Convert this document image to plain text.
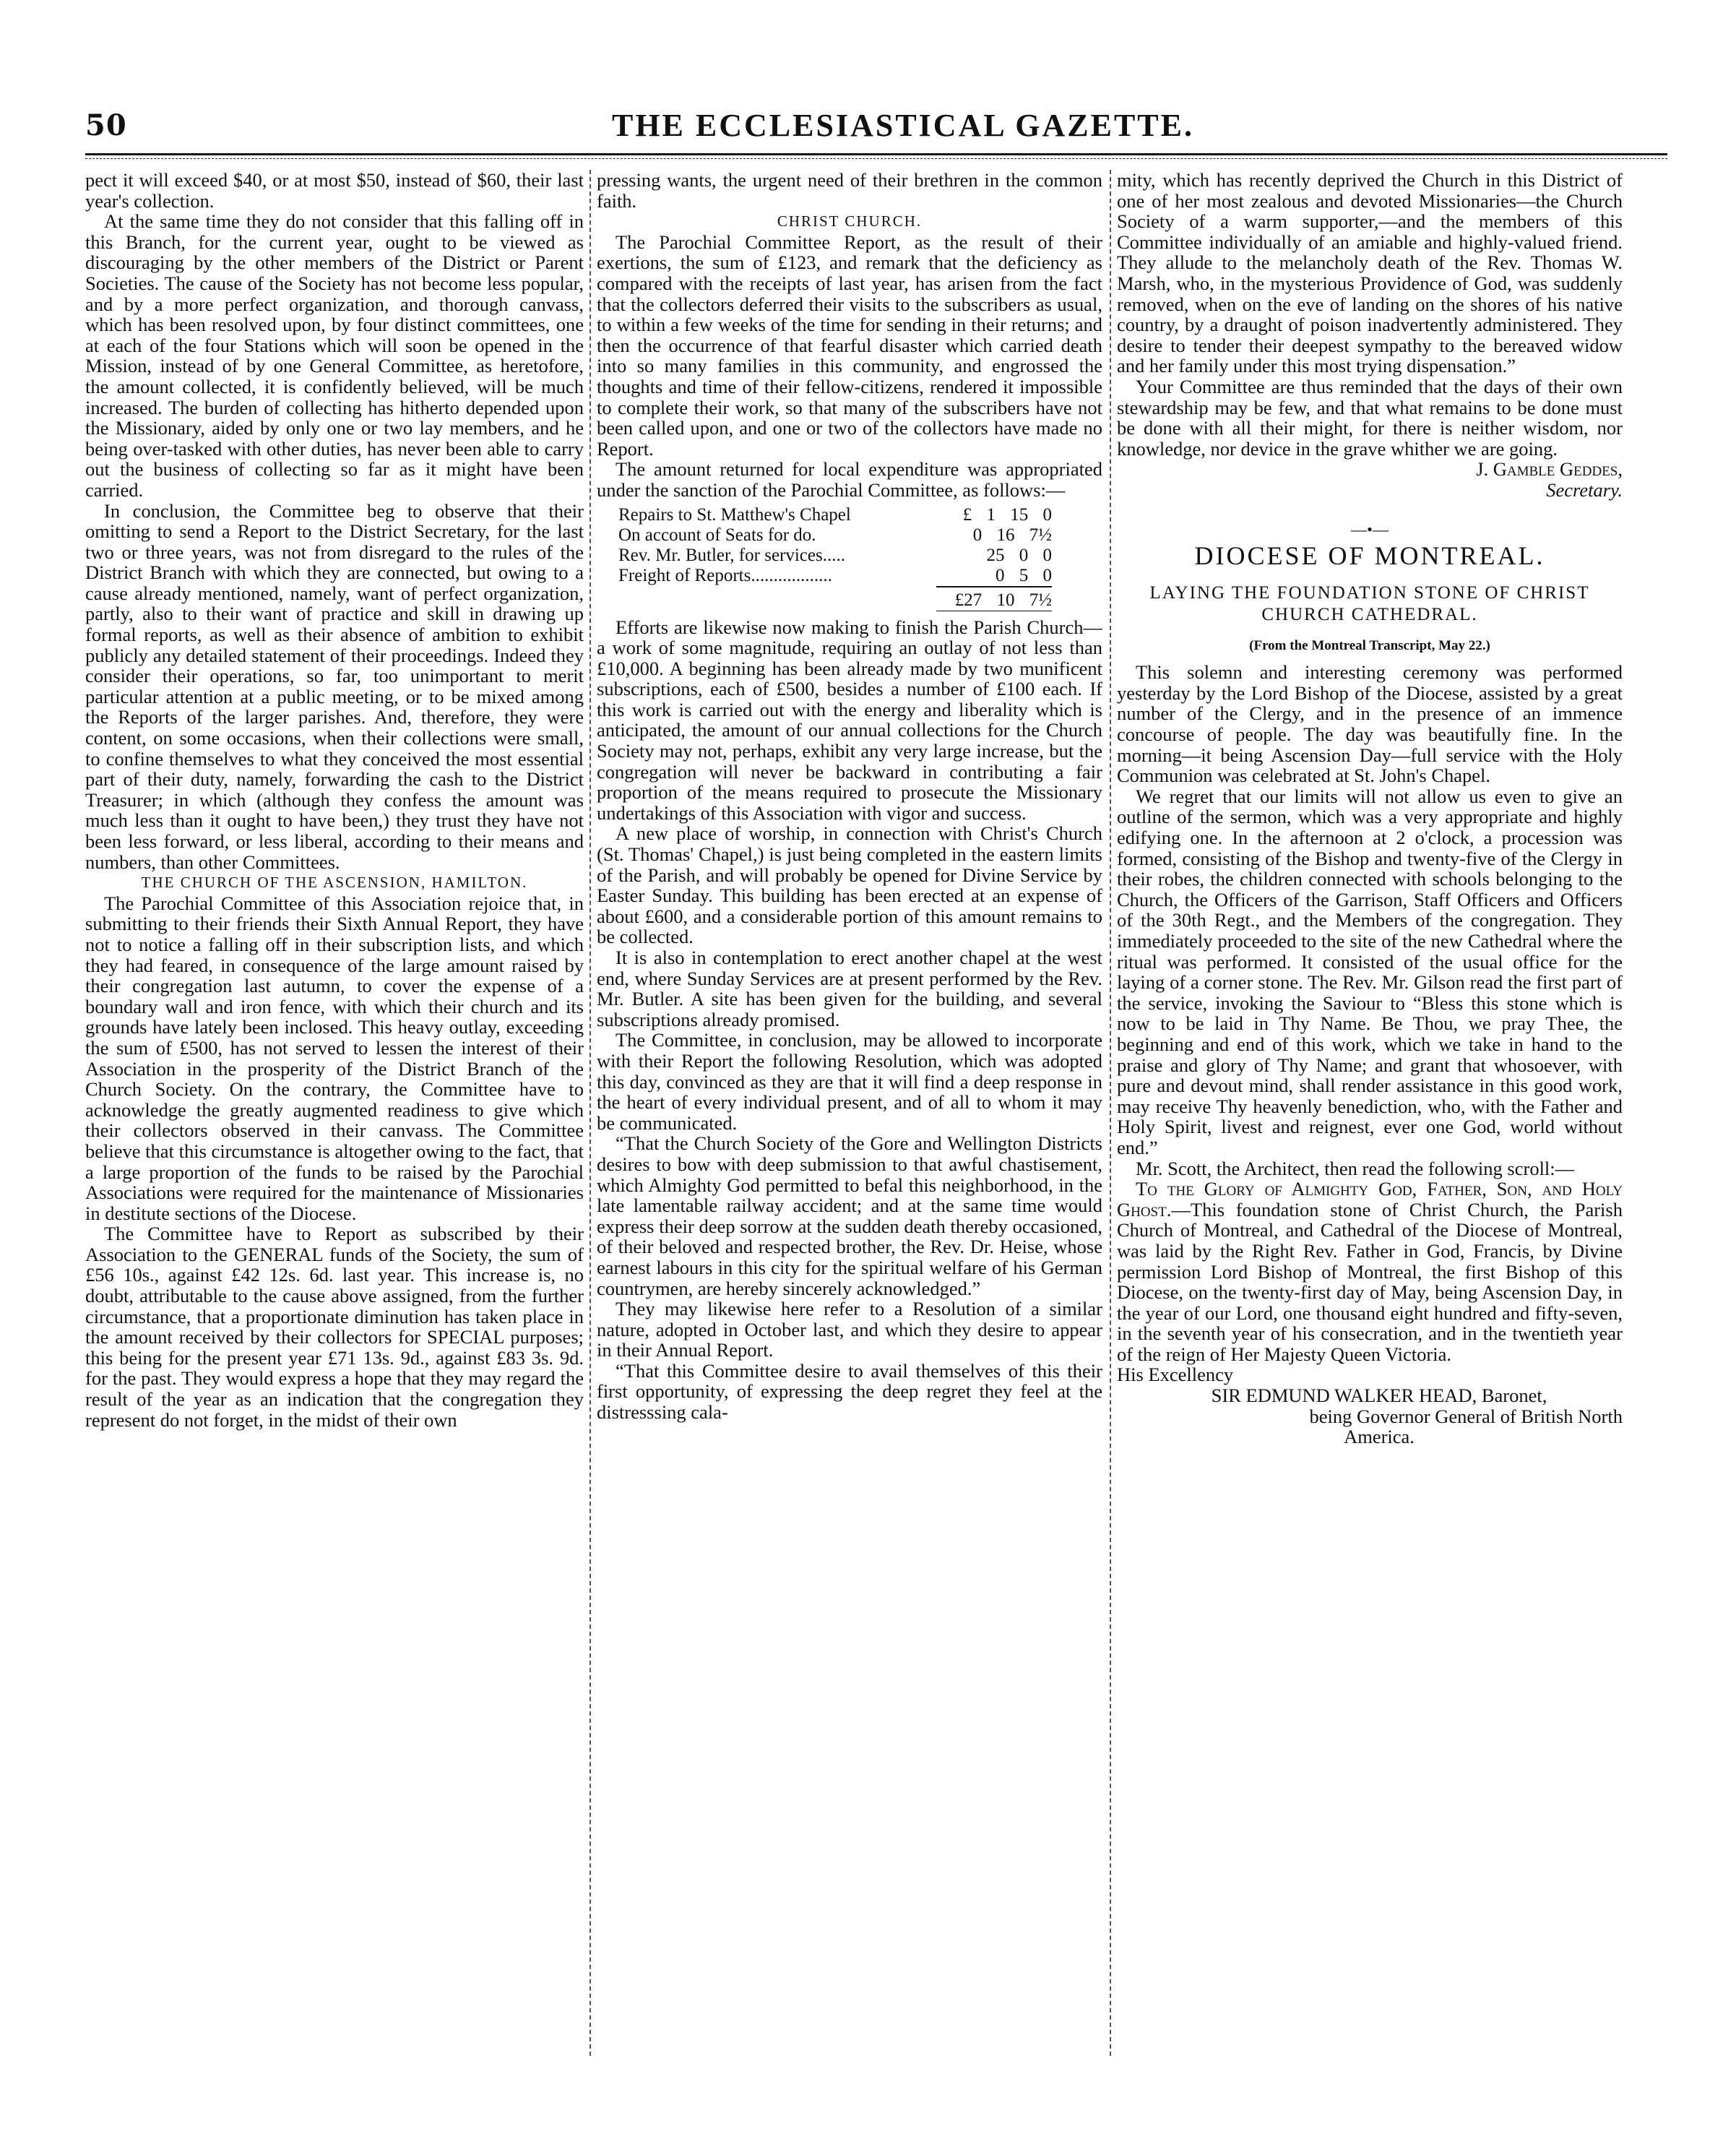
50	THE ECCLESIASTICAL GAZETTE.

pect it will exceed $40, or at most $50, instead of $60, their last year's collection.

At the same time they do not consider that this falling off in this Branch, for the current year, ought to be viewed as discouraging by the other members of the District or Parent Societies. The cause of the Society has not become less popular, and by a more perfect organization, and thorough canvass, which has been resolved upon, by four distinct committees, one at each of the four Stations which will soon be opened in the Mission, instead of by one General Committee, as heretofore, the amount collected, it is confidently believed, will be much increased. The burden of collecting has hitherto depended upon the Missionary, aided by only one or two lay members, and he being over-tasked with other duties, has never been able to carry out the business of collecting so far as it might have been carried.

In conclusion, the Committee beg to observe that their omitting to send a Report to the District Secretary, for the last two or three years, was not from disregard to the rules of the District Branch with which they are connected, but owing to a cause already mentioned, namely, want of perfect organization, partly, also to their want of practice and skill in drawing up formal reports, as well as their absence of ambition to exhibit publicly any detailed statement of their proceedings. Indeed they consider their operations, so far, too unimportant to merit particular attention at a public meeting, or to be mixed among the Reports of the larger parishes. And, therefore, they were content, on some occasions, when their collections were small, to confine themselves to what they conceived the most essential part of their duty, namely, forwarding the cash to the District Treasurer; in which (although they confess the amount was much less than it ought to have been,) they trust they have not been less forward, or less liberal, according to their means and numbers, than other Committees.

THE CHURCH OF THE ASCENSION, HAMILTON.

The Parochial Committee of this Association rejoice that, in submitting to their friends their Sixth Annual Report, they have not to notice a falling off in their subscription lists, and which they had feared, in consequence of the large amount raised by their congregation last autumn, to cover the expense of a boundary wall and iron fence, with which their church and its grounds have lately been inclosed. This heavy outlay, exceeding the sum of £500, has not served to lessen the interest of their Association in the prosperity of the District Branch of the Church Society. On the contrary, the Committee have to acknowledge the greatly augmented readiness to give which their collectors observed in their canvass. The Committee believe that this circumstance is altogether owing to the fact, that a large proportion of the funds to be raised by the Parochial Associations were required for the maintenance of Missionaries in destitute sections of the Diocese.

The Committee have to Report as subscribed by their Association to the GENERAL funds of the Society, the sum of £56 10s., against £42 12s. 6d. last year. This increase is, no doubt, attributable to the cause above assigned, from the further circumstance, that a proportionate diminution has taken place in the amount received by their collectors for SPECIAL purposes; this being for the present year £71 13s. 9d., against £83 3s. 9d. for the past. They would express a hope that they may regard the result of the year as an indication that the congregation they represent do not forget, in the midst of their own

pressing wants, the urgent need of their brethren in the common faith.

CHRIST CHURCH.

The Parochial Committee Report, as the result of their exertions, the sum of £123, and remark that the deficiency as compared with the receipts of last year, has arisen from the fact that the collectors deferred their visits to the subscribers as usual, to within a few weeks of the time for sending in their returns; and then the occurrence of that fearful disaster which carried death into so many families in this community, and engrossed the thoughts and time of their fellow-citizens, rendered it impossible to complete their work, so that many of the subscribers have not been called upon, and one or two of the collectors have made no Report.

The amount returned for local expenditure was appropriated under the sanction of the Parochial Committee, as follows:—

Repairs to St. Matthew's Chapel	£ 1 15 0
On account of Seats for do.	0 16 7½
Rev. Mr. Butler, for services.....	25 0 0
Freight of Reports..................	0 5 0
£27 10 7½

Efforts are likewise now making to finish the Parish Church—a work of some magnitude, requiring an outlay of not less than £10,000. A beginning has been already made by two munificent subscriptions, each of £500, besides a number of £100 each. If this work is carried out with the energy and liberality which is anticipated, the amount of our annual collections for the Church Society may not, perhaps, exhibit any very large increase, but the congregation will never be backward in contributing a fair proportion of the means required to prosecute the Missionary undertakings of this Association with vigor and success.

A new place of worship, in connection with Christ's Church (St. Thomas' Chapel,) is just being completed in the eastern limits of the Parish, and will probably be opened for Divine Service by Easter Sunday. This building has been erected at an expense of about £600, and a considerable portion of this amount remains to be collected.

It is also in contemplation to erect another chapel at the west end, where Sunday Services are at present performed by the Rev. Mr. Butler. A site has been given for the building, and several subscriptions already promised.

The Committee, in conclusion, may be allowed to incorporate with their Report the following Resolution, which was adopted this day, convinced as they are that it will find a deep response in the heart of every individual present, and of all to whom it may be communicated.

“That the Church Society of the Gore and Wellington Districts desires to bow with deep submission to that awful chastisement, which Almighty God permitted to befal this neighborhood, in the late lamentable railway accident; and at the same time would express their deep sorrow at the sudden death thereby occasioned, of their beloved and respected brother, the Rev. Dr. Heise, whose earnest labours in this city for the spiritual welfare of his German countrymen, are hereby sincerely acknowledged.”

They may likewise here refer to a Resolution of a similar nature, adopted in October last, and which they desire to appear in their Annual Report.

“That this Committee desire to avail themselves of this their first opportunity, of expressing the deep regret they feel at the distresssing cala-

mity, which has recently deprived the Church in this District of one of her most zealous and devoted Missionaries—the Church Society of a warm supporter,—and the members of this Committee individually of an amiable and highly-valued friend. They allude to the melancholy death of the Rev. Thomas W. Marsh, who, in the mysterious Providence of God, was suddenly removed, when on the eve of landing on the shores of his native country, by a draught of poison inadvertently administered. They desire to tender their deepest sympathy to the bereaved widow and her family under this most trying dispensation.”

Your Committee are thus reminded that the days of their own stewardship may be few, and that what remains to be done must be done with all their might, for there is neither wisdom, nor knowledge, nor device in the grave whither we are going.

J. Gamble Geddes,

Secretary.

—•—
DIOCESE OF MONTREAL.
LAYING THE FOUNDATION STONE OF CHRIST CHURCH CATHEDRAL.
(From the Montreal Transcript, May 22.)

This solemn and interesting ceremony was performed yesterday by the Lord Bishop of the Diocese, assisted by a great number of the Clergy, and in the presence of an immence concourse of people. The day was beautifully fine. In the morning—it being Ascension Day—full service with the Holy Communion was celebrated at St. John's Chapel.

We regret that our limits will not allow us even to give an outline of the sermon, which was a very appropriate and highly edifying one. In the afternoon at 2 o'clock, a procession was formed, consisting of the Bishop and twenty-five of the Clergy in their robes, the children connected with schools belonging to the Church, the Officers of the Garrison, Staff Officers and Officers of the 30th Regt., and the Members of the congregation. They immediately proceeded to the site of the new Cathedral where the ritual was performed. It consisted of the usual office for the laying of a corner stone. The Rev. Mr. Gilson read the first part of the service, invoking the Saviour to “Bless this stone which is now to be laid in Thy Name. Be Thou, we pray Thee, the beginning and end of this work, which we take in hand to the praise and glory of Thy Name; and grant that whosoever, with pure and devout mind, shall render assistance in this good work, may receive Thy heavenly benediction, who, with the Father and Holy Spirit, livest and reignest, ever one God, world without end.”

Mr. Scott, the Architect, then read the following scroll:—

To the Glory of Almighty God, Father, Son, and Holy Ghost.—This foundation stone of Christ Church, the Parish Church of Montreal, and Cathedral of the Diocese of Montreal, was laid by the Right Rev. Father in God, Francis, by Divine permission Lord Bishop of Montreal, the first Bishop of this Diocese, on the twenty-first day of May, being Ascension Day, in the year of our Lord, one thousand eight hundred and fifty-seven, in the seventh year of his consecration, and in the twentieth year of the reign of Her Majesty Queen Victoria.

His Excellency

SIR EDMUND WALKER HEAD, Baronet,

being Governor General of British North

America.
